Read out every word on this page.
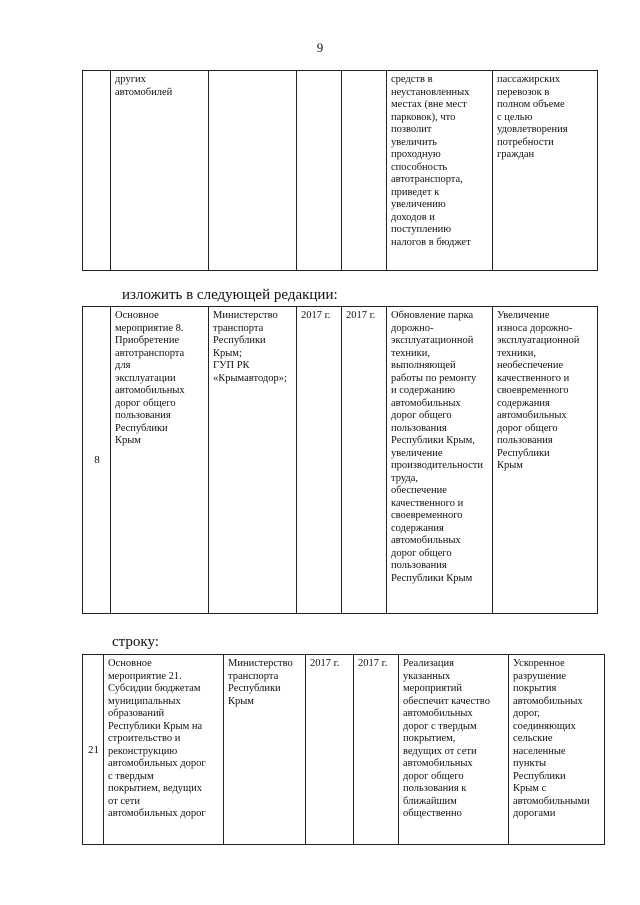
9
	других
автомобилей				средств в
неустановленных
местах (вне мест
парковок), что
позволит
увеличить
проходную
способность
автотранспорта,
приведет к
увеличению
доходов и
поступлению
налогов в бюджет	пассажирских
перевозок в
полном объеме
с целью
удовлетворения
потребности
граждан
изложить в следующей редакции:
8	Основное
мероприятие 8.
Приобретение
автотранспорта
для
эксплуатации
автомобильных
дорог общего
пользования
Республики
Крым	Министерство
транспорта
Республики
Крым;
ГУП РК
«Крымавтодор»;	2017 г.	2017 г.	Обновление парка
дорожно-
эксплуатационной
техники,
выполняющей
работы по ремонту
и содержанию
автомобильных
дорог общего
пользования
Республики Крым,
увеличение
производительности
труда,
обеспечение
качественного и
своевременного
содержания
автомобильных
дорог общего
пользования
Республики Крым	Увеличение
износа дорожно-
эксплуатационной
техники,
необеспечение
качественного и
своевременного
содержания
автомобильных
дорог общего
пользования
Республики
Крым
строку:
21	Основное
мероприятие 21.
Субсидии бюджетам
муниципальных
образований
Республики Крым на
строительство и
реконструкцию
автомобильных дорог
с твердым
покрытием, ведущих
от сети
автомобильных дорог	Министерство
транспорта
Республики
Крым	2017 г.	2017 г.	Реализация
указанных
мероприятий
обеспечит качество
автомобильных
дорог с твердым
покрытием,
ведущих от сети
автомобильных
дорог общего
пользования к
ближайшим
общественно	Ускоренное
разрушение
покрытия
автомобильных
дорог,
соединяющих
сельские
населенные
пункты
Республики
Крым с
автомобильными
дорогами
